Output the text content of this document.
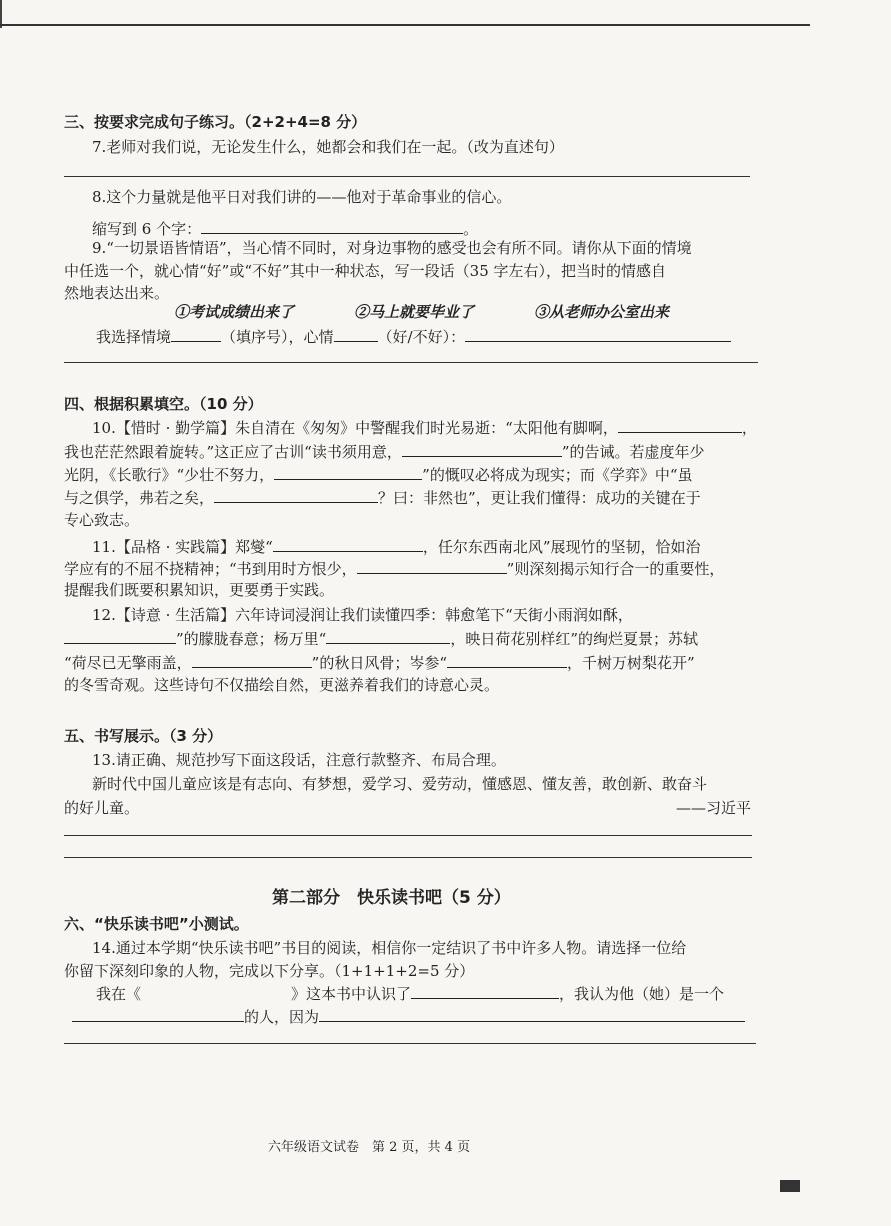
三、按要求完成句子练习。（2+2+4=8 分）
7.老师对我们说，无论发生什么，她都会和我们在一起。（改为直述句）
8.这个力量就是他平日对我们讲的——他对于革命事业的信心。
缩写到 6 个字：	。
9.“一切景语皆情语”，当心情不同时，对身边事物的感受也会有所不同。请你从下面的情境
中任选一个，就心情“好”或“不好”其中一种状态，写一段话（35 字左右），把当时的情感自
然地表达出来。
①考试成绩出来了	②马上就要毕业了	③从老师办公室出来
我选择情境	（填序号），心情	（好/不好）：
四、根据积累填空。（10 分）
10.【惜时 · 勤学篇】朱自清在《匆匆》中警醒我们时光易逝：“太阳他有脚啊，	，
我也茫茫然跟着旋转。”这正应了古训“读书须用意，	”的告诫。若虚度年少
光阴，《长歌行》“少壮不努力，	”的慨叹必将成为现实；而《学弈》中“虽
与之俱学，弗若之矣，	？曰：非然也”，更让我们懂得：成功的关键在于
专心致志。
11.【品格 · 实践篇】郑燮“	，任尔东西南北风”展现竹的坚韧，恰如治
学应有的不屈不挠精神；“书到用时方恨少，	”则深刻揭示知行合一的重要性，
提醒我们既要积累知识，更要勇于实践。
12.【诗意 · 生活篇】六年诗词浸润让我们读懂四季：韩愈笔下“天街小雨润如酥，
”的朦胧春意；杨万里“	，映日荷花别样红”的绚烂夏景；苏轼
“荷尽已无擎雨盖，	”的秋日风骨；岑参“	，千树万树梨花开”
的冬雪奇观。这些诗句不仅描绘自然，更滋养着我们的诗意心灵。
五、书写展示。（3 分）
13.请正确、规范抄写下面这段话，注意行款整齐、布局合理。
新时代中国儿童应该是有志向、有梦想，爱学习、爱劳动，懂感恩、懂友善，敢创新、敢奋斗
的好儿童。	——习近平
第二部分　快乐读书吧（5 分）
六、“快乐读书吧”小测试。
14.通过本学期“快乐读书吧”书目的阅读，相信你一定结识了书中许多人物。请选择一位给
你留下深刻印象的人物，完成以下分享。（1+1+1+2=5 分）
我在《	》这本书中认识了	，我认为他（她）是一个
的人，因为
六年级语文试卷　第 2 页，共 4 页
